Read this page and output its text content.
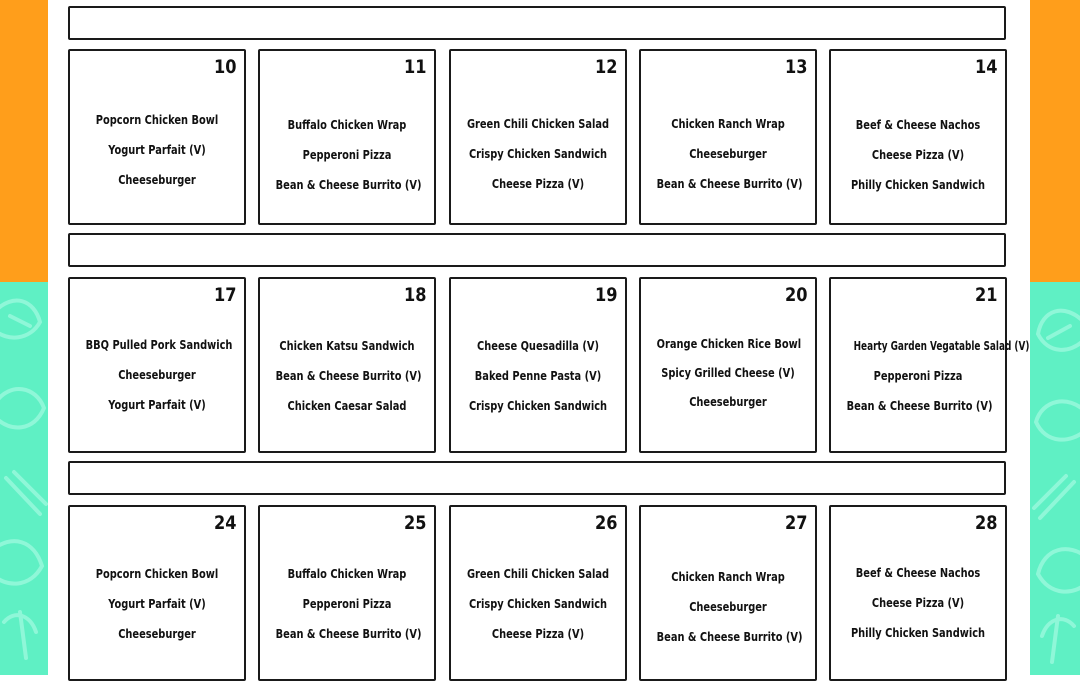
10
Popcorn Chicken Bowl
Yogurt Parfait (V)
Cheeseburger
11
Buffalo Chicken Wrap
Pepperoni Pizza
Bean & Cheese Burrito (V)
12
Green Chili Chicken Salad
Crispy Chicken Sandwich
Cheese Pizza (V)
13
Chicken Ranch Wrap
Cheeseburger
Bean & Cheese Burrito (V)
14
Beef & Cheese Nachos
Cheese Pizza (V)
Philly Chicken Sandwich
17
BBQ Pulled Pork Sandwich
Cheeseburger
Yogurt Parfait (V)
18
Chicken Katsu Sandwich
Bean & Cheese Burrito (V)
Chicken Caesar Salad
19
Cheese Quesadilla (V)
Baked Penne Pasta (V)
Crispy Chicken Sandwich
20
Orange Chicken Rice Bowl
Spicy Grilled Cheese (V)
Cheeseburger
21
Hearty Garden Vegatable Salad (V)
Pepperoni Pizza
Bean & Cheese Burrito (V)
24
Popcorn Chicken Bowl
Yogurt Parfait (V)
Cheeseburger
25
Buffalo Chicken Wrap
Pepperoni Pizza
Bean & Cheese Burrito (V)
26
Green Chili Chicken Salad
Crispy Chicken Sandwich
Cheese Pizza (V)
27
Chicken Ranch Wrap
Cheeseburger
Bean & Cheese Burrito (V)
28
Beef & Cheese Nachos
Cheese Pizza (V)
Philly Chicken Sandwich
